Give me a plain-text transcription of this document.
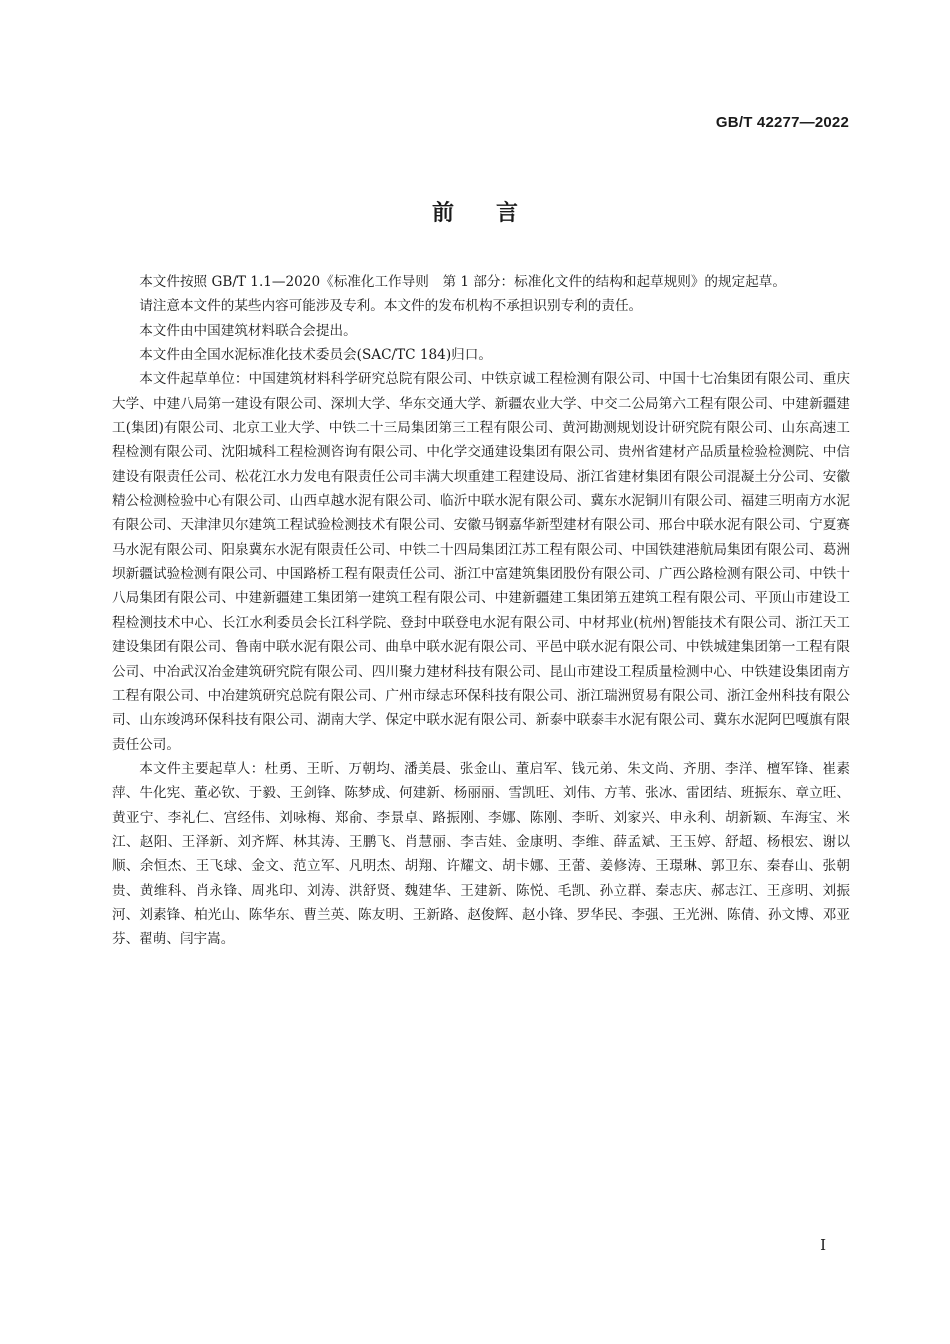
GB/T 42277—2022
前言

本文件按照 GB/T 1.1—2020《标准化工作导则　第 1 部分：标准化文件的结构和起草规则》的规定起草。

请注意本文件的某些内容可能涉及专利。本文件的发布机构不承担识别专利的责任。

本文件由中国建筑材料联合会提出。

本文件由全国水泥标准化技术委员会(SAC/TC 184)归口。

本文件起草单位：中国建筑材料科学研究总院有限公司、中铁京诚工程检测有限公司、中国十七冶集团有限公司、重庆大学、中建八局第一建设有限公司、深圳大学、华东交通大学、新疆农业大学、中交二公局第六工程有限公司、中建新疆建工(集团)有限公司、北京工业大学、中铁二十三局集团第三工程有限公司、黄河勘测规划设计研究院有限公司、山东高速工程检测有限公司、沈阳城科工程检测咨询有限公司、中化学交通建设集团有限公司、贵州省建材产品质量检验检测院、中信建设有限责任公司、松花江水力发电有限责任公司丰满大坝重建工程建设局、浙江省建材集团有限公司混凝土分公司、安徽精公检测检验中心有限公司、山西卓越水泥有限公司、临沂中联水泥有限公司、冀东水泥铜川有限公司、福建三明南方水泥有限公司、天津津贝尔建筑工程试验检测技术有限公司、安徽马钢嘉华新型建材有限公司、邢台中联水泥有限公司、宁夏赛马水泥有限公司、阳泉冀东水泥有限责任公司、中铁二十四局集团江苏工程有限公司、中国铁建港航局集团有限公司、葛洲坝新疆试验检测有限公司、中国路桥工程有限责任公司、浙江中富建筑集团股份有限公司、广西公路检测有限公司、中铁十八局集团有限公司、中建新疆建工集团第一建筑工程有限公司、中建新疆建工集团第五建筑工程有限公司、平顶山市建设工程检测技术中心、长江水利委员会长江科学院、登封中联登电水泥有限公司、中材邦业(杭州)智能技术有限公司、浙江天工建设集团有限公司、鲁南中联水泥有限公司、曲阜中联水泥有限公司、平邑中联水泥有限公司、中铁城建集团第一工程有限公司、中冶武汉冶金建筑研究院有限公司、四川聚力建材科技有限公司、昆山市建设工程质量检测中心、中铁建设集团南方工程有限公司、中冶建筑研究总院有限公司、广州市绿志环保科技有限公司、浙江瑞洲贸易有限公司、浙江金州科技有限公司、山东竣鸿环保科技有限公司、湖南大学、保定中联水泥有限公司、新泰中联泰丰水泥有限公司、冀东水泥阿巴嘎旗有限责任公司。

本文件主要起草人：杜勇、王昕、万朝均、潘美晨、张金山、董启军、钱元弟、朱文尚、齐朋、李洋、檀军锋、崔素萍、牛化宪、董必钦、于毅、王剑锋、陈梦成、何建新、杨丽丽、雪凯旺、刘伟、方苇、张冰、雷团结、班振东、章立旺、黄亚宁、李礼仁、宫经伟、刘咏梅、郑俞、李景卓、路振刚、李娜、陈刚、李昕、刘家兴、申永利、胡新颖、车海宝、米江、赵阳、王泽新、刘齐辉、林其涛、王鹏飞、肖慧丽、李吉娃、金康明、李维、薛孟斌、王玉婷、舒超、杨根宏、谢以顺、余恒杰、王飞球、金文、范立军、凡明杰、胡翔、许耀文、胡卡娜、王蕾、姜修涛、王璟琳、郭卫东、秦春山、张朝贵、黄维科、肖永锋、周兆印、刘涛、洪舒贤、魏建华、王建新、陈悦、毛凯、孙立群、秦志庆、郝志江、王彦明、刘振河、刘素锋、柏光山、陈华东、曹兰英、陈友明、王新路、赵俊辉、赵小锋、罗华民、李强、王光洲、陈倩、孙文博、邓亚芬、翟萌、闫宇嵩。

I
